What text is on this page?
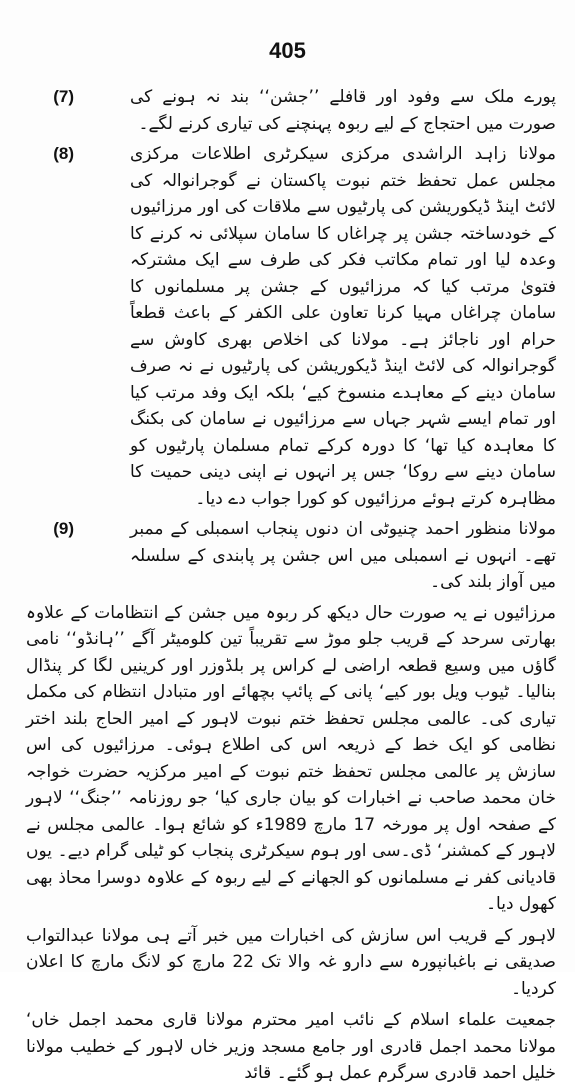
405
(7)	پورے ملک سے وفود اور قافلے ’’جشن‘‘ بند نہ ہونے کی صورت میں احتجاج کے لیے ربوہ پہنچنے کی تیاری کرنے لگے۔
(8)	مولانا زاہد الراشدی مرکزی سیکرٹری اطلاعات مرکزی مجلس عمل تحفظ ختم نبوت پاکستان نے گوجرانوالہ کی لائٹ اینڈ ڈیکوریشن کی پارٹیوں سے ملاقات کی اور مرزائیوں کے خودساختہ جشن پر چراغاں کا سامان سپلائی نہ کرنے کا وعدہ لیا اور تمام مکاتب فکر کی طرف سے ایک مشترکہ فتویٰ مرتب کیا کہ مرزائیوں کے جشن پر مسلمانوں کا سامان چراغاں مہیا کرنا تعاون علی الکفر کے باعث قطعاً حرام اور ناجائز ہے۔ مولانا کی اخلاص بھری کاوش سے گوجرانوالہ کی لائٹ اینڈ ڈیکوریشن کی پارٹیوں نے نہ صرف سامان دینے کے معاہدے منسوخ کیے‘ بلکہ ایک وفد مرتب کیا اور تمام ایسے شہر جہاں سے مرزائیوں نے سامان کی بکنگ کا معاہدہ کیا تھا‘ کا دورہ کرکے تمام مسلمان پارٹیوں کو سامان دینے سے روکا‘ جس پر انہوں نے اپنی دینی حمیت کا مظاہرہ کرتے ہوئے مرزائیوں کو کورا جواب دے دیا۔
(9)	مولانا منظور احمد چنیوٹی ان دنوں پنجاب اسمبلی کے ممبر تھے۔ انہوں نے اسمبلی میں اس جشن پر پابندی کے سلسلہ میں آواز بلند کی۔

مرزائیوں نے یہ صورت حال دیکھ کر ربوہ میں جشن کے انتظامات کے علاوہ بھارتی سرحد کے قریب جلو موڑ سے تقریباً تین کلومیٹر آگے ’’ہانڈو‘‘ نامی گاؤں میں وسیع قطعہ اراضی لے کراس پر بلڈوزر اور کرینیں لگا کر پنڈال بنالیا۔ ٹیوب ویل بور کیے‘ پانی کے پائپ بچھائے اور متبادل انتظام کی مکمل تیاری کی۔ عالمی مجلس تحفظ ختم نبوت لاہور کے امیر الحاج بلند اختر نظامی کو ایک خط کے ذریعہ اس کی اطلاع ہوئی۔ مرزائیوں کی اس سازش پر عالمی مجلس تحفظ ختم نبوت کے امیر مرکزیہ حضرت خواجہ خان محمد صاحب نے اخبارات کو بیان جاری کیا‘ جو روزنامہ ’’جنگ‘‘ لاہور کے صفحہ اول پر مورخہ 17 مارچ 1989ء کو شائع ہوا۔ عالمی مجلس نے لاہور کے کمشنر‘ ڈی۔سی اور ہوم سیکرٹری پنجاب کو ٹیلی گرام دیے۔ یوں قادیانی کفر نے مسلمانوں کو الجھانے کے لیے ربوہ کے علاوہ دوسرا محاذ بھی کھول دیا۔

لاہور کے قریب اس سازش کی اخبارات میں خبر آتے ہی مولانا عبدالتواب صدیقی نے باغبانپورہ سے دارو غہ والا تک 22 مارچ کو لانگ مارچ کا اعلان کردیا۔

جمعیت علماء اسلام کے نائب امیر محترم مولانا قاری محمد اجمل خاں‘ مولانا محمد اجمل قادری اور جامع مسجد وزیر خاں لاہور کے خطیب مولانا خلیل احمد قادری سرگرم عمل ہو گئے۔ قائد
